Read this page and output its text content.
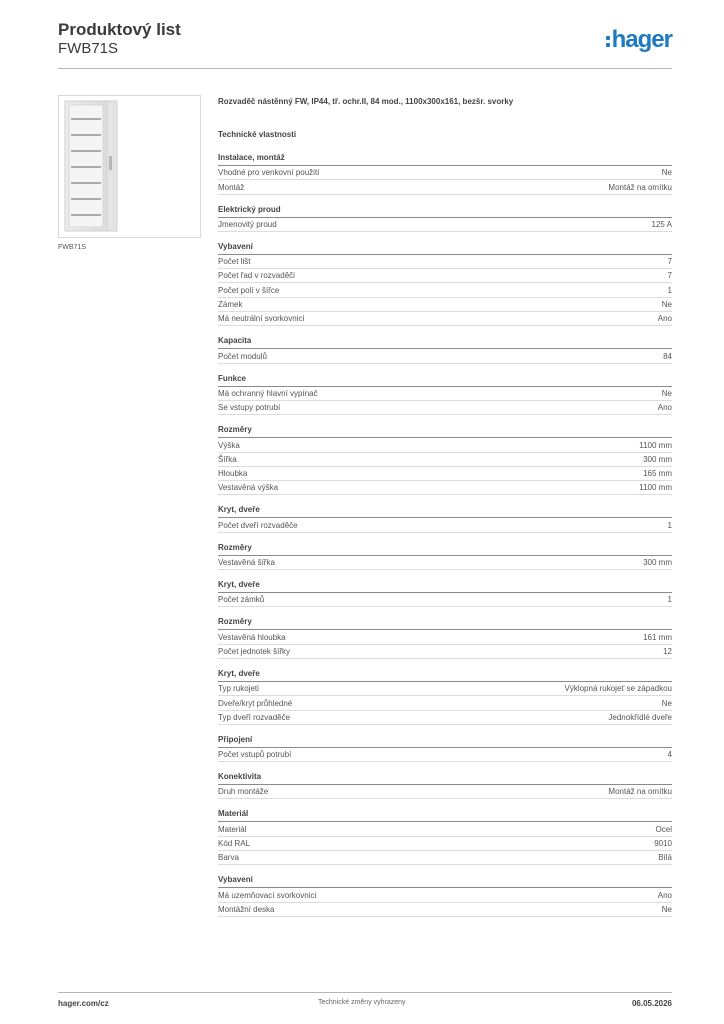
Produktový list
FWB71S	hager
FWB71S
Rozvaděč nástěnný FW, IP44, tř. ochr.II, 84 mod., 1100x300x161, bezšr. svorky
Technické vlastnosti
Instalace, montáž
Vhodné pro venkovní použití	Ne
Montáž	Montáž na omítku
Elektrický proud
Jmenovitý proud	125 A
Vybavení
Počet lišt	7
Počet řad v rozvaděči	7
Počet polí v šířce	1
Zámek	Ne
Má neutrální svorkovnici	Ano
Kapacita
Počet modulů	84
Funkce
Má ochranný hlavní vypínač	Ne
Se vstupy potrubí	Ano
Rozměry
Výška	1100 mm
Šířka	300 mm
Hloubka	165 mm
Vestavěná výška	1100 mm
Kryt, dveře
Počet dveří rozvaděče	1
Rozměry
Vestavěná šířka	300 mm
Kryt, dveře
Počet zámků	1
Rozměry
Vestavěná hloubka	161 mm
Počet jednotek šířky	12
Kryt, dveře
Typ rukojeti	Výklopná rukojeť se západkou
Dveře/kryt průhledné	Ne
Typ dveří rozvaděče	Jednokřídlé dveře
Připojení
Počet vstupů potrubí	4
Konektivita
Druh montáže	Montáž na omítku
Materiál
Materiál	Ocel
Kód RAL	9010
Barva	Bílá
Vybavení
Má uzemňovací svorkovnici	Ano
Montážní deska	Ne
hager.com/cz	Technické změny vyhrazeny	06.05.2026
